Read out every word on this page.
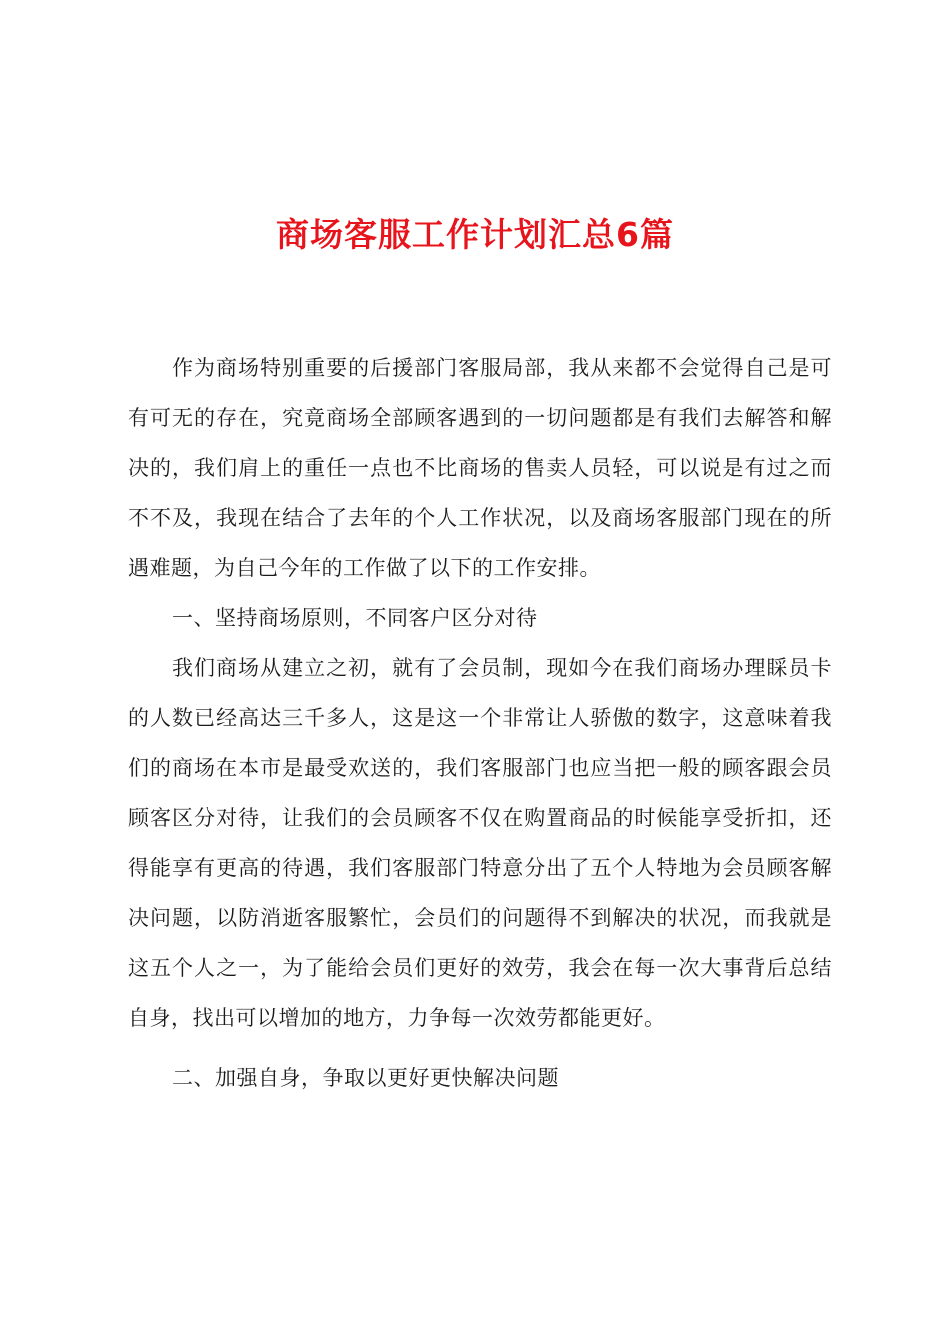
商场客服工作计划汇总6篇

作为商场特别重要的后援部门客服局部，我从来都不会觉得自己是可有可无的存在，究竟商场全部顾客遇到的一切问题都是有我们去解答和解决的，我们肩上的重任一点也不比商场的售卖人员轻，可以说是有过之而不不及，我现在结合了去年的个人工作状况，以及商场客服部门现在的所遇难题，为自己今年的工作做了以下的工作安排。

一、坚持商场原则，不同客户区分对待

我们商场从建立之初，就有了会员制，现如今在我们商场办理睬员卡的人数已经高达三千多人，这是这一个非常让人骄傲的数字，这意味着我们的商场在本市是最受欢送的，我们客服部门也应当把一般的顾客跟会员顾客区分对待，让我们的会员顾客不仅在购置商品的时候能享受折扣，还得能享有更高的待遇，我们客服部门特意分出了五个人特地为会员顾客解决问题，以防消逝客服繁忙，会员们的问题得不到解决的状况，而我就是这五个人之一，为了能给会员们更好的效劳，我会在每一次大事背后总结自身，找出可以增加的地方，力争每一次效劳都能更好。

二、加强自身，争取以更好更快解决问题
